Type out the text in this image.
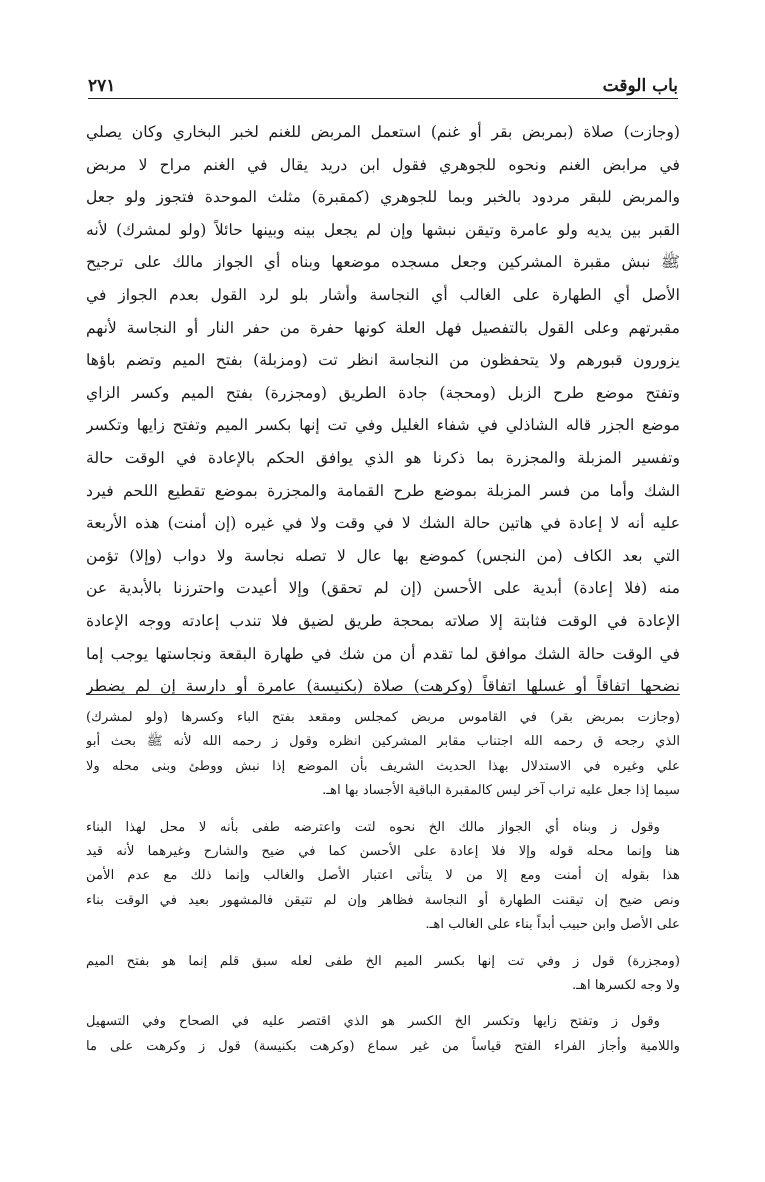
باب الوقت
٢٧١
(وجازت) صلاة (بمربض بقر أو غنم) استعمل المربض للغنم لخبر البخاري وكان يصلي
في مرابض الغنم ونحوه للجوهري فقول ابن دريد يقال في الغنم مراح لا مربض
والمربض للبقر مردود بالخبر وبما للجوهري (كمقبرة) مثلث الموحدة فتجوز ولو جعل
القبر بين يديه ولو عامرة وتيقن نبشها وإن لم يجعل بينه وبينها حائلاً (ولو لمشرك) لأنه
ﷺ نبش مقبرة المشركين وجعل مسجده موضعها وبناه أي الجواز مالك على ترجيح
الأصل أي الطهارة على الغالب أي النجاسة وأشار بلو لرد القول بعدم الجواز في
مقبرتهم وعلى القول بالتفصيل فهل العلة كونها حفرة من حفر النار أو النجاسة لأنهم
يزورون قبورهم ولا يتحفظون من النجاسة انظر تت (ومزبلة) بفتح الميم وتضم باؤها
وتفتح موضع طرح الزبل (ومحجة) جادة الطريق (ومجزرة) بفتح الميم وكسر الزاي
موضع الجزر قاله الشاذلي في شفاء الغليل وفي تت إنها بكسر الميم وتفتح زايها وتكسر
وتفسير المزبلة والمجزرة بما ذكرنا هو الذي يوافق الحكم بالإعادة في الوقت حالة
الشك وأما من فسر المزبلة بموضع طرح القمامة والمجزرة بموضع تقطيع اللحم فيرد
عليه أنه لا إعادة في هاتين حالة الشك لا في وقت ولا في غيره (إن أمنت) هذه الأربعة
التي بعد الكاف (من النجس) كموضع بها عال لا تصله نجاسة ولا دواب (وإلا) تؤمن
منه (فلا إعادة) أبدية على الأحسن (إن لم تحقق) وإلا أعيدت واحترزنا بالأبدية عن
الإعادة في الوقت فثابتة إلا صلاته بمحجة طريق لضيق فلا تندب إعادته ووجه الإعادة
في الوقت حالة الشك موافق لما تقدم أن من شك في طهارة البقعة ونجاستها يوجب إما
نضحها اتفاقاً أو غسلها اتفاقاً (وكرهت) صلاة (بكنيسة) عامرة أو دارسة إن لم يضطر
(وجازت بمربض بقر) في القاموس مربض كمجلس ومقعد بفتح الباء وكسرها (ولو لمشرك)
الذي رجحه ق رحمه الله اجتناب مقابر المشركين انظره وقول ز رحمه الله لأنه ﷺ بحث أبو
علي وغيره في الاستدلال بهذا الحديث الشريف بأن الموضع إذا نبش ووطئ وبنى محله ولا
سيما إذا جعل عليه تراب آخر ليس كالمقبرة الباقية الأجساد بها اهـ.
وقول ز وبناه أي الجواز مالك الخ نحوه لتت واعترضه طفى بأنه لا محل لهذا البناء
هنا وإنما محله قوله وإلا فلا إعادة على الأحسن كما في ضيح والشارح وغيرهما لأنه قيد
هذا بقوله إن أمنت ومع إلا من لا يتأتى اعتبار الأصل والغالب وإنما ذلك مع عدم الأمن
ونص ضيح إن تيقنت الطهارة أو النجاسة فظاهر وإن لم تتيقن فالمشهور بعيد في الوقت بناء
على الأصل وابن حبيب أبداً بناء على الغالب اهـ.
(ومجزرة) قول ز وفي تت إنها بكسر الميم الخ طفى لعله سبق قلم إنما هو بفتح الميم
ولا وجه لكسرها اهـ.
وقول ز وتفتح زايها وتكسر الخ الكسر هو الذي اقتصر عليه في الصحاح وفي التسهيل
واللامية وأجاز الفراء الفتح قياساً من غير سماع (وكرهت بكنيسة) قول ز وكرهت على ما
